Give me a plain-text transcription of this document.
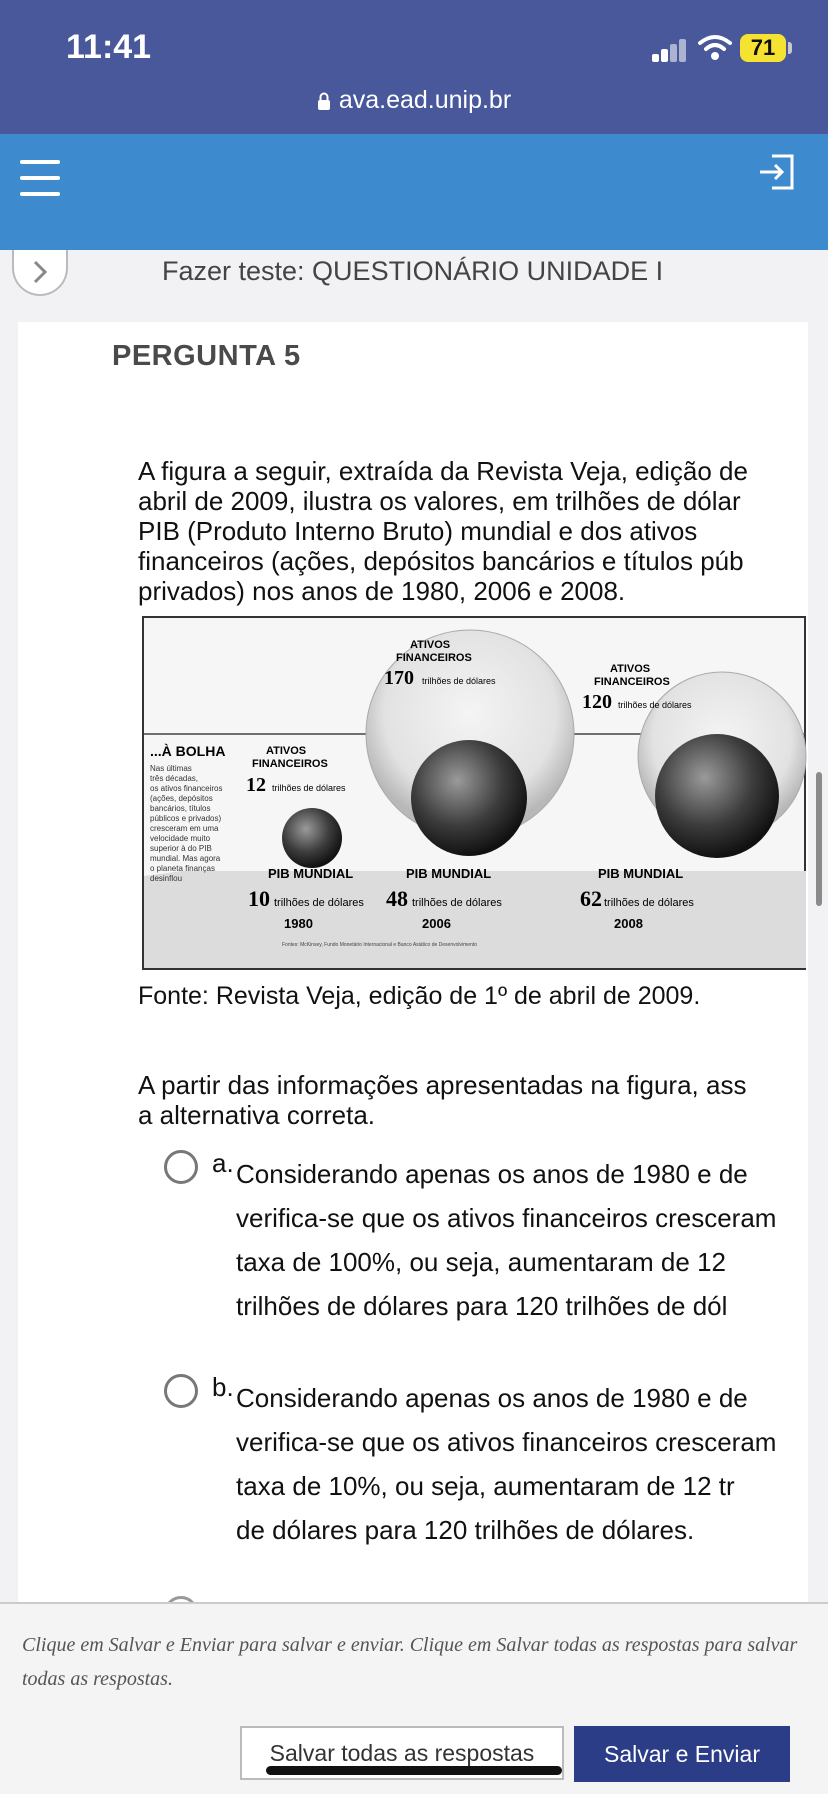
11:41	71
ava.ead.unip.br
Fazer teste: QUESTIONÁRIO UNIDADE I
PERGUNTA 5
A figura a seguir, extraída da Revista Veja, edição de
abril de 2009, ilustra os valores, em trilhões de dólar
PIB (Produto Interno Bruto) mundial e dos ativos
financeiros (ações, depósitos bancários e títulos púb
privados) nos anos de 1980, 2006 e 2008.
...À BOLHA
Nas últimas três décadas, os ativos financeiros (ações, depósitos bancários, títulos públicos e privados) cresceram em uma velocidade muito superior à do PIB mundial. Mas agora o planeta finanças desinflou
ATIVOS
FINANCEIROS
12 trilhões de dólares
PIB MUNDIAL
10 trilhões de dólares
1980
ATIVOS
FINANCEIROS
170 trilhões de dólares
PIB MUNDIAL
48 trilhões de dólares
2006
ATIVOS
FINANCEIROS
120 trilhões de dólares
PIB MUNDIAL
62 trilhões de dólares
2008
Fontes: McKinsey, Fundo Monetário Internacional e Banco Asiático de Desenvolvimento
Fonte: Revista Veja, edição de 1º de abril de 2009.
A partir das informações apresentadas na figura, ass
a alternativa correta.
a. Considerando apenas os anos de 1980 e de
verifica-se que os ativos financeiros cresceram
taxa de 100%, ou seja, aumentaram de 12
trilhões de dólares para 120 trilhões de dól
b. Considerando apenas os anos de 1980 e de
verifica-se que os ativos financeiros cresceram
taxa de 10%, ou seja, aumentaram de 12 tr
de dólares para 120 trilhões de dólares.
Clique em Salvar e Enviar para salvar e enviar. Clique em Salvar todas as respostas para salvar todas as respostas.
Salvar todas as respostas	Salvar e Enviar
